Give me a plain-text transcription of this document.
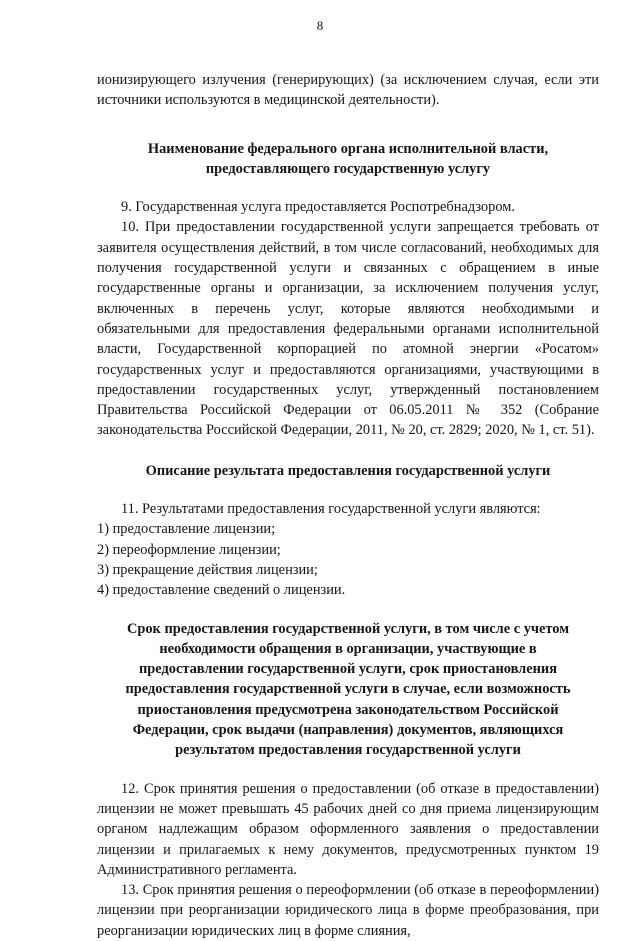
8

ионизирующего излучения (генерирующих) (за исключением случая, если эти источники используются в медицинской деятельности).

Наименование федерального органа исполнительной власти,
предоставляющего государственную услугу

9. Государственная услуга предоставляется Роспотребнадзором.

10. При предоставлении государственной услуги запрещается требовать от заявителя осуществления действий, в том числе согласований, необходимых для получения государственной услуги и связанных с обращением в иные государственные органы и организации, за исключением получения услуг, включенных в перечень услуг, которые являются необходимыми и обязательными для предоставления федеральными органами исполнительной власти, Государственной корпорацией по атомной энергии «Росатом» государственных услуг и предоставляются организациями, участвующими в предоставлении государственных услуг, утвержденный постановлением Правительства Российской Федерации от 06.05.2011 № 352 (Собрание законодательства Российской Федерации, 2011, № 20, ст. 2829; 2020, № 1, ст. 51).

Описание результата предоставления государственной услуги

11. Результатами предоставления государственной услуги являются:

1) предоставление лицензии;

2) переоформление лицензии;

3) прекращение действия лицензии;

4) предоставление сведений о лицензии.

Срок предоставления государственной услуги, в том числе с учетом
необходимости обращения в организации, участвующие в
предоставлении государственной услуги, срок приостановления
предоставления государственной услуги в случае, если возможность
приостановления предусмотрена законодательством Российской
Федерации, срок выдачи (направления) документов, являющихся
результатом предоставления государственной услуги

12. Срок принятия решения о предоставлении (об отказе в предоставлении) лицензии не может превышать 45 рабочих дней со дня приема лицензирующим органом надлежащим образом оформленного заявления о предоставлении лицензии и прилагаемых к нему документов, предусмотренных пунктом 19 Административного регламента.

13. Срок принятия решения о переоформлении (об отказе в переоформлении) лицензии при реорганизации юридического лица в форме преобразования, при реорганизации юридических лиц в форме слияния,
